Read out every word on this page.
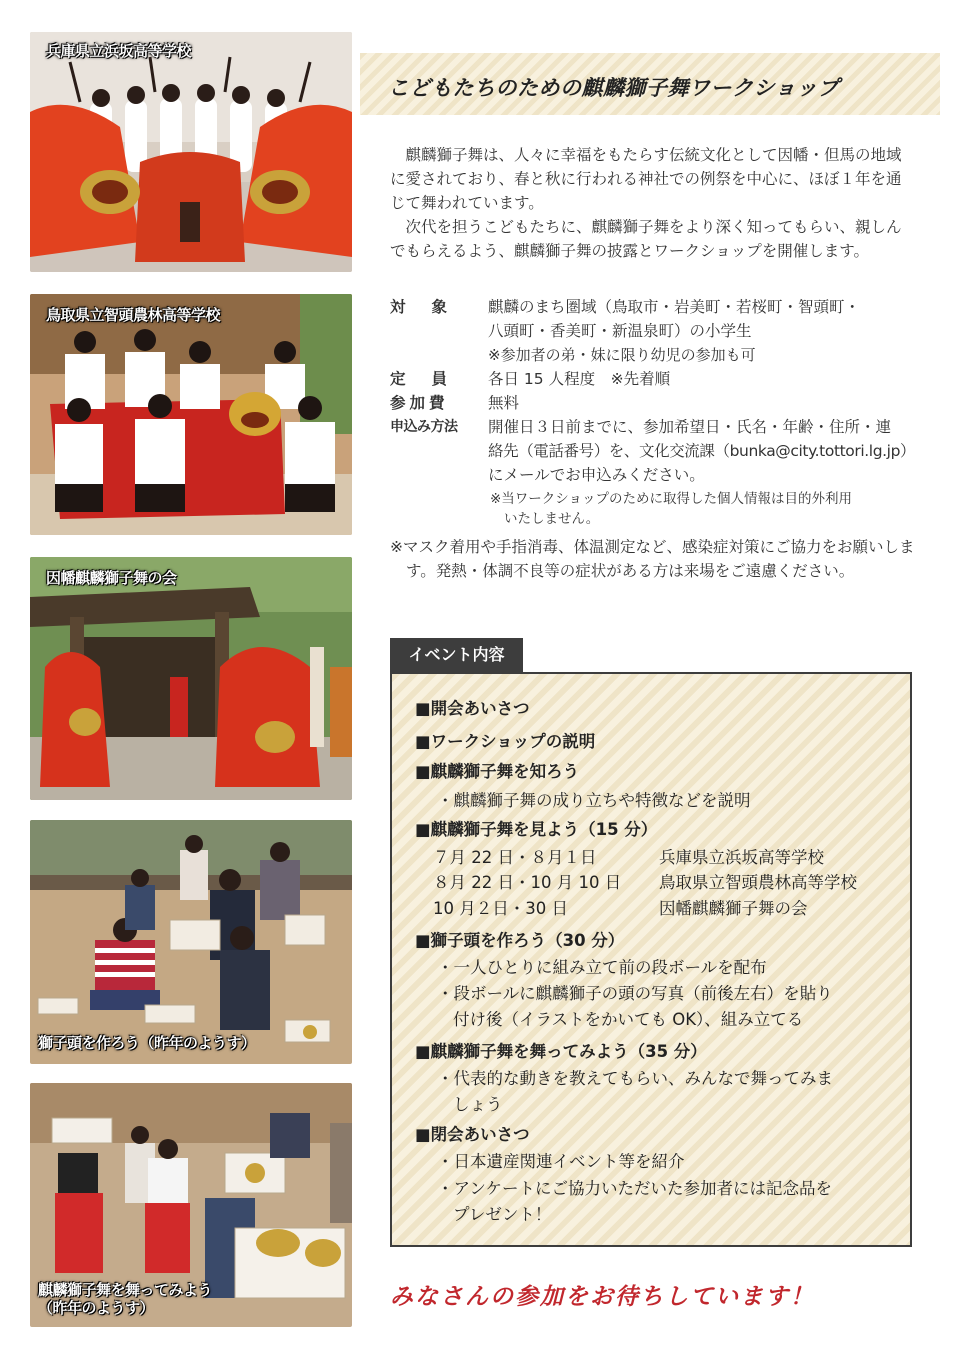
兵庫県立浜坂高等学校
鳥取県立智頭農林高等学校
因幡麒麟獅子舞の会
獅子頭を作ろう（昨年のようす）
麒麟獅子舞を舞ってみよう
（昨年のようす）
こどもたちのための麒麟獅子舞ワークショップ

麒麟獅子舞は、人々に幸福をもたらす伝統文化として因幡・但馬の地域に愛されており、春と秋に行われる神社での例祭を中心に、ほぼ１年を通じて舞われています。

次代を担うこどもたちに、麒麟獅子舞をより深く知ってもらい、親しんでもらえるよう、麒麟獅子舞の披露とワークショップを開催します。

対象 麒麟のまち圏域（鳥取市・岩美町・若桜町・智頭町・
八頭町・香美町・新温泉町）の小学生
※参加者の弟・妹に限り幼児の参加も可
定員 各日 15 人程度　※先着順
参加費	無料
申込み方法	開催日３日前までに、参加希望日・氏名・年齢・住所・連
絡先（電話番号）を、文化交流課（bunka@city.tottori.lg.jp）
にメールでお申込みください。
※当ワークショップのために取得した個人情報は目的外利用
いたしません。

※マスク着用や手指消毒、体温測定など、感染症対策にご協力をお願いします。発熱・体調不良等の症状がある方は来場をご遠慮ください。

イベント内容
■開会あいさつ
■ワークショップの説明
■麒麟獅子舞を知ろう
・麒麟獅子舞の成り立ちや特徴などを説明
■麒麟獅子舞を見よう（15 分）
７月 22 日・８月１日	兵庫県立浜坂高等学校
８月 22 日・10 月 10 日 鳥取県立智頭農林高等学校
10 月２日・30 日	因幡麒麟獅子舞の会
■獅子頭を作ろう（30 分）
・一人ひとりに組み立て前の段ボールを配布
・段ボールに麒麟獅子の頭の写真（前後左右）を貼り
付け後（イラストをかいても OK）、組み立てる
■麒麟獅子舞を舞ってみよう（35 分）
・代表的な動きを教えてもらい、みんなで舞ってみま
しょう
■閉会あいさつ
・日本遺産関連イベント等を紹介
・アンケートにご協力いただいた参加者には記念品を
プレゼント！
みなさんの参加をお待ちしています！
